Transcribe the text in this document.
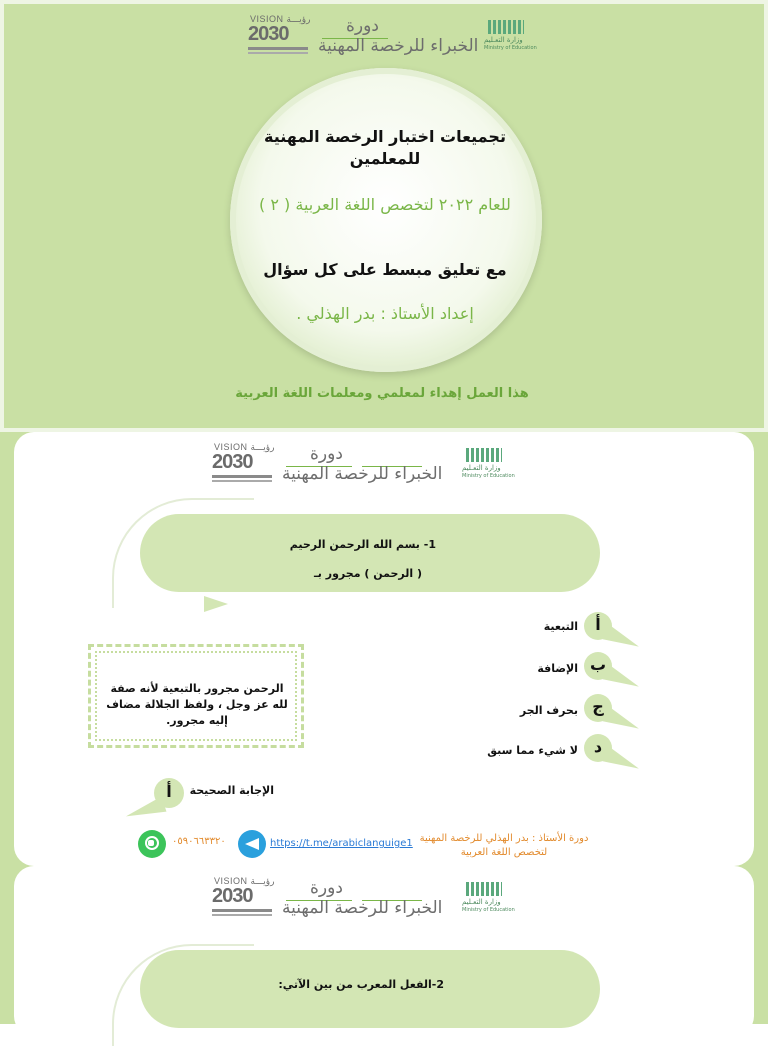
VISION رؤيـــة
2030	دورة
الخبراء للرخصة المهنية وزارة التعـليم
Ministry of Education
تجميعات اختبار الرخصة المهنية للمعلمين
للعام ٢٠٢٢ لتخصص اللغة العربية ( ٢ )
مع تعليق مبسط على كل سؤال
إعداد الأستاذ : بدر الهذلي .
هذا العمل إهداء لمعلمي ومعلمات اللغة العربية
VISION رؤيـــة
2030	دورة
الخبراء للرخصة المهنية	وزارة التعـليم
Ministry of Education
1- بسم الله الرحمن الرحيم
( الرحمن ) مجرور بـ
أ
التبعية
ب
الإضافة
ج
بحرف الجر
د
لا شيء مما سبق
الرحمن مجرور بالتبعية لأنه صفة لله عز وجل ، ولفظ الجلالة مضاف إليه مجرور.
الإجابة الصحيحة
أ
٠٥٩٠٦٦٣٣٢٠	https://t.me/arabiclanguige1 دورة الأستاذ : بدر الهذلي للرخصة المهنية لتخصص اللغة العربية
VISION رؤيـــة
2030	دورة
الخبراء للرخصة المهنية	وزارة التعـليم
Ministry of Education
2-الفعل المعرب من بين الآتي:
